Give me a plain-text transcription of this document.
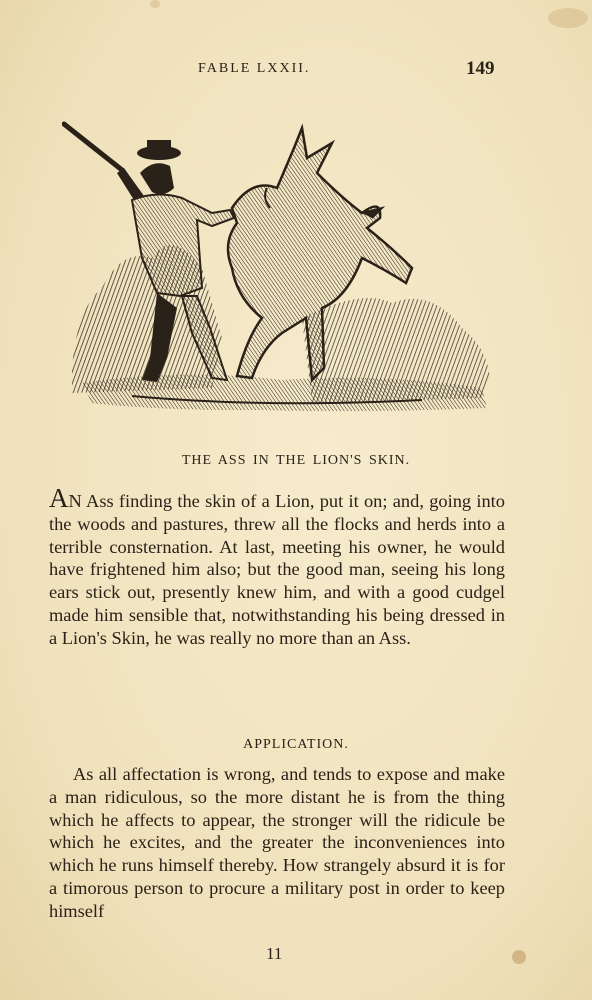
FABLE LXXII.	149
THE ASS IN THE LION'S SKIN.
AN Ass finding the skin of a Lion, put it on; and, going into the woods and pastures, threw all the flocks and herds into a terrible consternation. At last, meeting his owner, he would have frightened him also; but the good man, seeing his long ears stick out, presently knew him, and with a good cudgel made him sensible that, notwithstanding his being dressed in a Lion's Skin, he was really no more than an Ass.
APPLICATION.
As all affectation is wrong, and tends to expose and make a man ridiculous, so the more distant he is from the thing which he affects to appear, the stronger will the ridicule be which he excites, and the greater the inconveniences into which he runs himself thereby. How strangely absurd it is for a timorous person to procure a military post in order to keep himself
11
